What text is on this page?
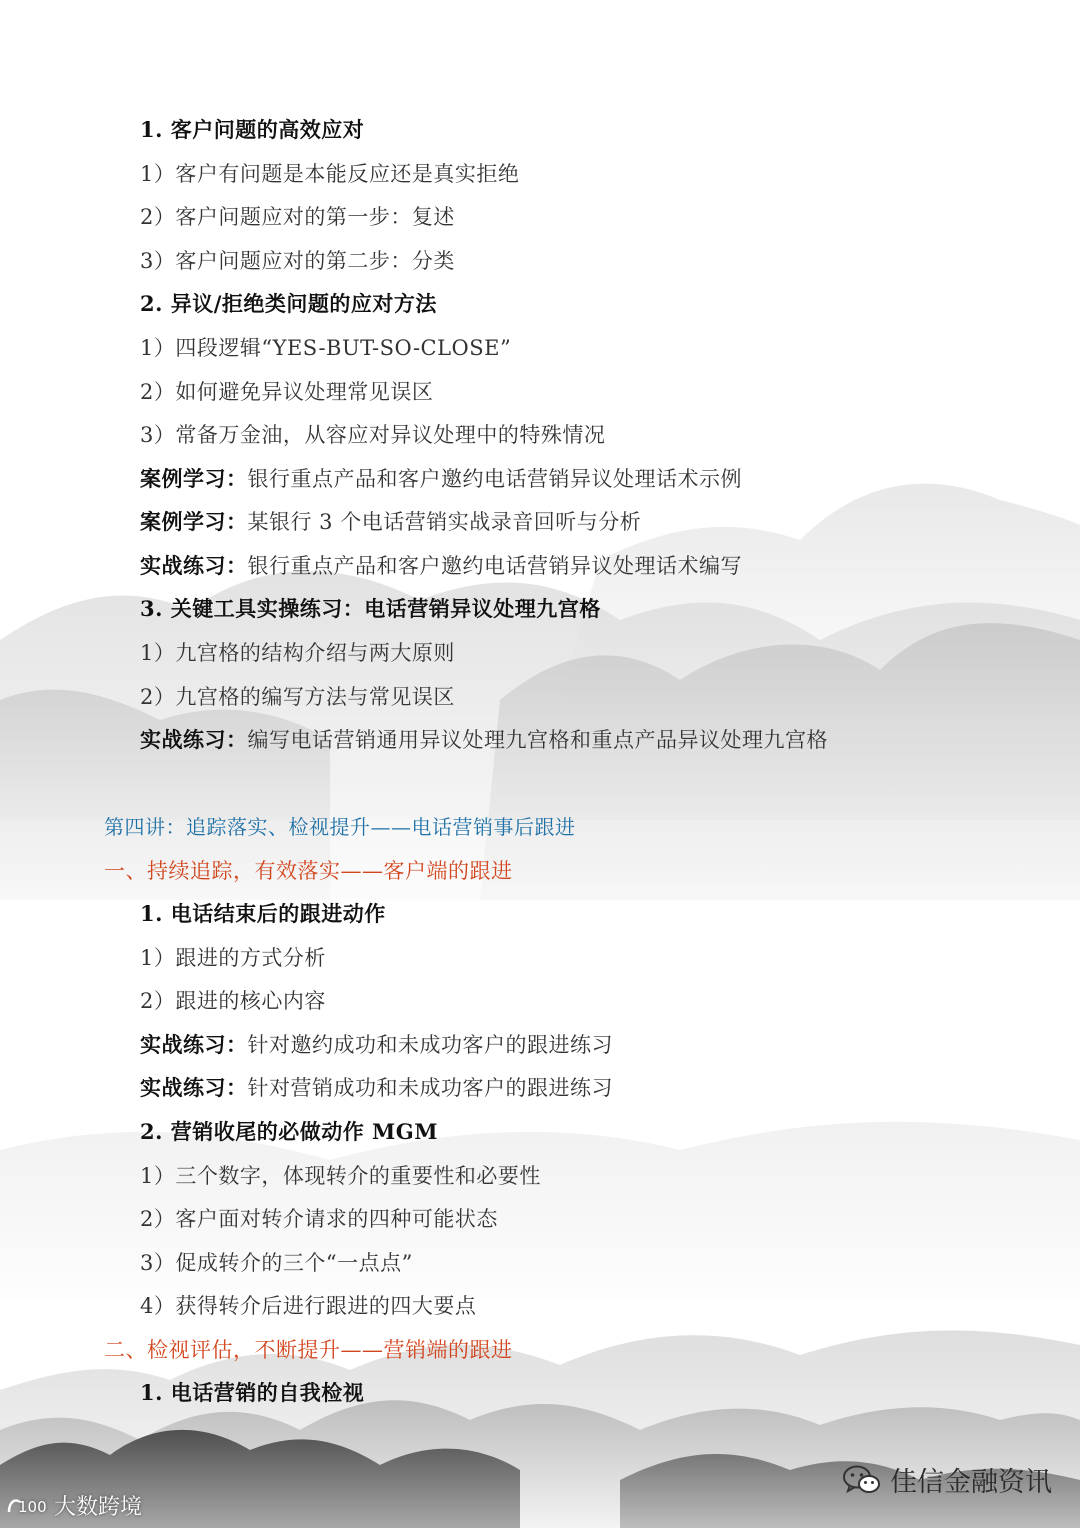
1. 客户问题的高效应对
1）客户有问题是本能反应还是真实拒绝
2）客户问题应对的第一步：复述
3）客户问题应对的第二步：分类
2. 异议/拒绝类问题的应对方法
1）四段逻辑“YES-BUT-SO-CLOSE”
2）如何避免异议处理常见误区
3）常备万金油，从容应对异议处理中的特殊情况
案例学习：银行重点产品和客户邀约电话营销异议处理话术示例
案例学习：某银行 3 个电话营销实战录音回听与分析
实战练习：银行重点产品和客户邀约电话营销异议处理话术编写
3. 关键工具实操练习：电话营销异议处理九宫格
1）九宫格的结构介绍与两大原则
2）九宫格的编写方法与常见误区
实战练习：编写电话营销通用异议处理九宫格和重点产品异议处理九宫格
第四讲：追踪落实、检视提升——电话营销事后跟进
一、持续追踪，有效落实——客户端的跟进
1. 电话结束后的跟进动作
1）跟进的方式分析
2）跟进的核心内容
实战练习：针对邀约成功和未成功客户的跟进练习
实战练习：针对营销成功和未成功客户的跟进练习
2. 营销收尾的必做动作 MGM
1）三个数字，体现转介的重要性和必要性
2）客户面对转介请求的四种可能状态
3）促成转介的三个“一点点”
4）获得转介后进行跟进的四大要点
二、检视评估，不断提升——营销端的跟进
1. 电话营销的自我检视
100 大数跨境
佳信金融资讯
